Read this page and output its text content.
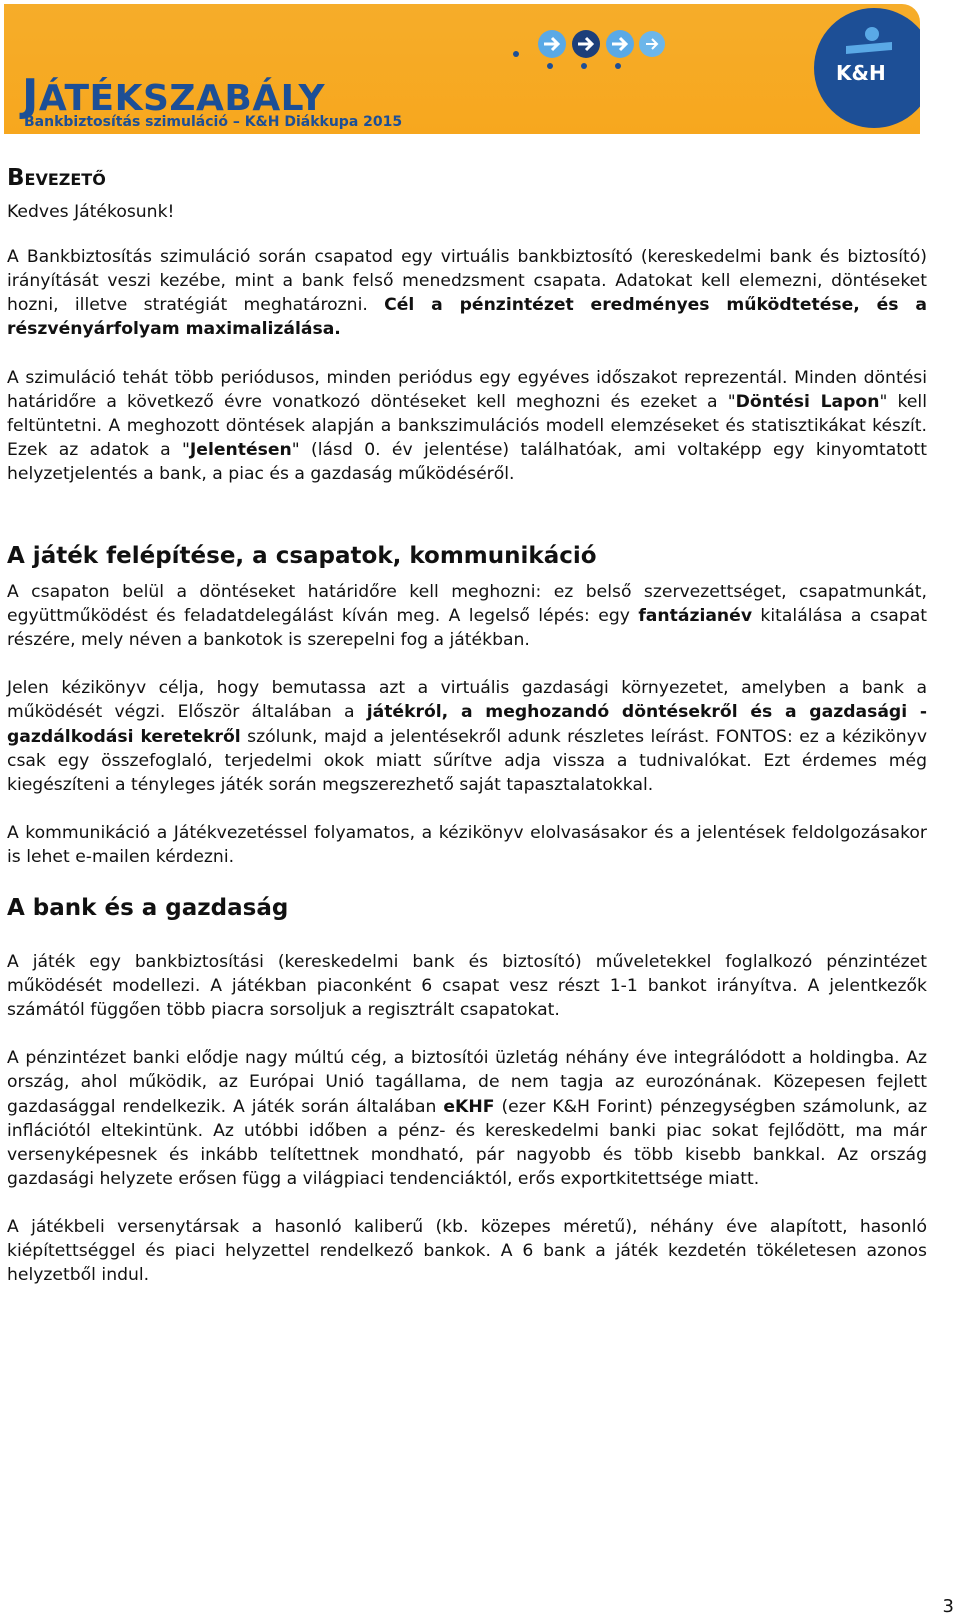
JÁTÉKSZABÁLY
Bankbiztosítás szimuláció – K&H Diákkupa 2015
K&H
Bevezető

Kedves Játékosunk!

A Bankbiztosítás szimuláció során csapatod egy virtuális bankbiztosító (kereskedelmi bank és biztosító) irányítását veszi kezébe, mint a bank felső menedzsment csapata. Adatokat kell elemezni, döntéseket hozni, illetve stratégiát meghatározni. Cél a pénzintézet eredményes működtetése, és a részvényárfolyam maximalizálása.

A szimuláció tehát több periódusos, minden periódus egy egyéves időszakot reprezentál. Minden döntési határidőre a következő évre vonatkozó döntéseket kell meghozni és ezeket a "Döntési Lapon" kell feltüntetni. A meghozott döntések alapján a bankszimulációs modell elemzéseket és statisztikákat készít. Ezek az adatok a "Jelentésen" (lásd 0. év jelentése) találhatóak, ami voltaképp egy kinyomtatott helyzetjelentés a bank, a piac és a gazdaság működéséről.

A játék felépítése, a csapatok, kommunikáció

A csapaton belül a döntéseket határidőre kell meghozni: ez belső szervezettséget, csapatmunkát, együttműködést és feladatdelegálást kíván meg. A legelső lépés: egy fantázianév kitalálása a csapat részére, mely néven a bankotok is szerepelni fog a játékban.

Jelen kézikönyv célja, hogy bemutassa azt a virtuális gazdasági környezetet, amelyben a bank a működését végzi. Először általában a játékról, a meghozandó döntésekről és a gazdasági - gazdálkodási keretekről szólunk, majd a jelentésekről adunk részletes leírást. FONTOS: ez a kézikönyv csak egy összefoglaló, terjedelmi okok miatt sűrítve adja vissza a tudnivalókat. Ezt érdemes még kiegészíteni a tényleges játék során megszerezhető saját tapasztalatokkal.

A kommunikáció a Játékvezetéssel folyamatos, a kézikönyv elolvasásakor és a jelentések feldolgozásakor is lehet e-mailen kérdezni.

A bank és a gazdaság

A játék egy bankbiztosítási (kereskedelmi bank és biztosító) műveletekkel foglalkozó pénzintézet működését modellezi. A játékban piaconként 6 csapat vesz részt 1-1 bankot irányítva. A jelentkezők számától függően több piacra sorsoljuk a regisztrált csapatokat.

A pénzintézet banki elődje nagy múltú cég, a biztosítói üzletág néhány éve integrálódott a holdingba. Az ország, ahol működik, az Európai Unió tagállama, de nem tagja az eurozónának. Közepesen fejlett gazdasággal rendelkezik. A játék során általában eKHF (ezer K&H Forint) pénzegységben számolunk, az inflációtól eltekintünk. Az utóbbi időben a pénz- és kereskedelmi banki piac sokat fejlődött, ma már versenyképesnek és inkább telítettnek mondható, pár nagyobb és több kisebb bankkal. Az ország gazdasági helyzete erősen függ a világpiaci tendenciáktól, erős exportkitettsége miatt.

A játékbeli versenytársak a hasonló kaliberű (kb. közepes méretű), néhány éve alapított, hasonló kiépítettséggel és piaci helyzettel rendelkező bankok. A 6 bank a játék kezdetén tökéletesen azonos helyzetből indul.

3
